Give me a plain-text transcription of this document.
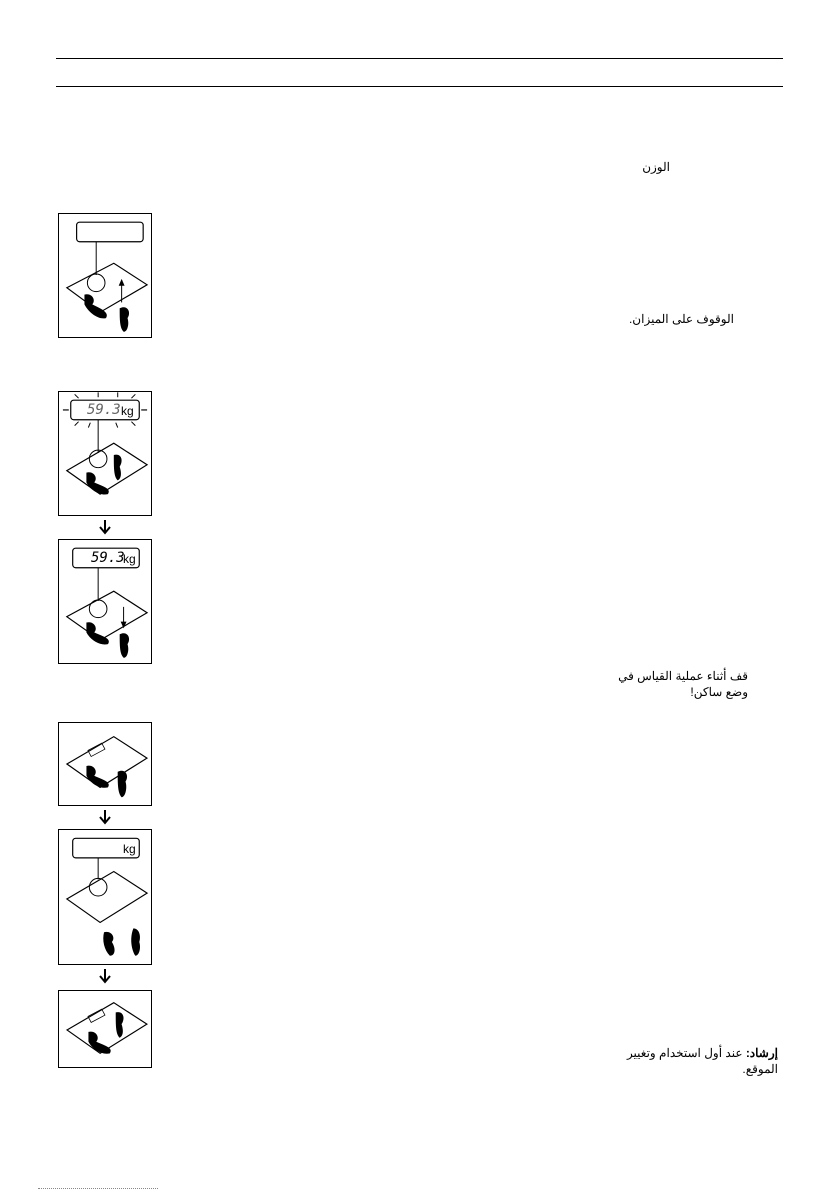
الوزن
الوقوف على الميزان.
قف أثناء عملية القياس في
وضع ساكن!
إرشاد: عند أول استخدام وتغيير
الموقع.
59.3 kg
59.3
kg
kg
